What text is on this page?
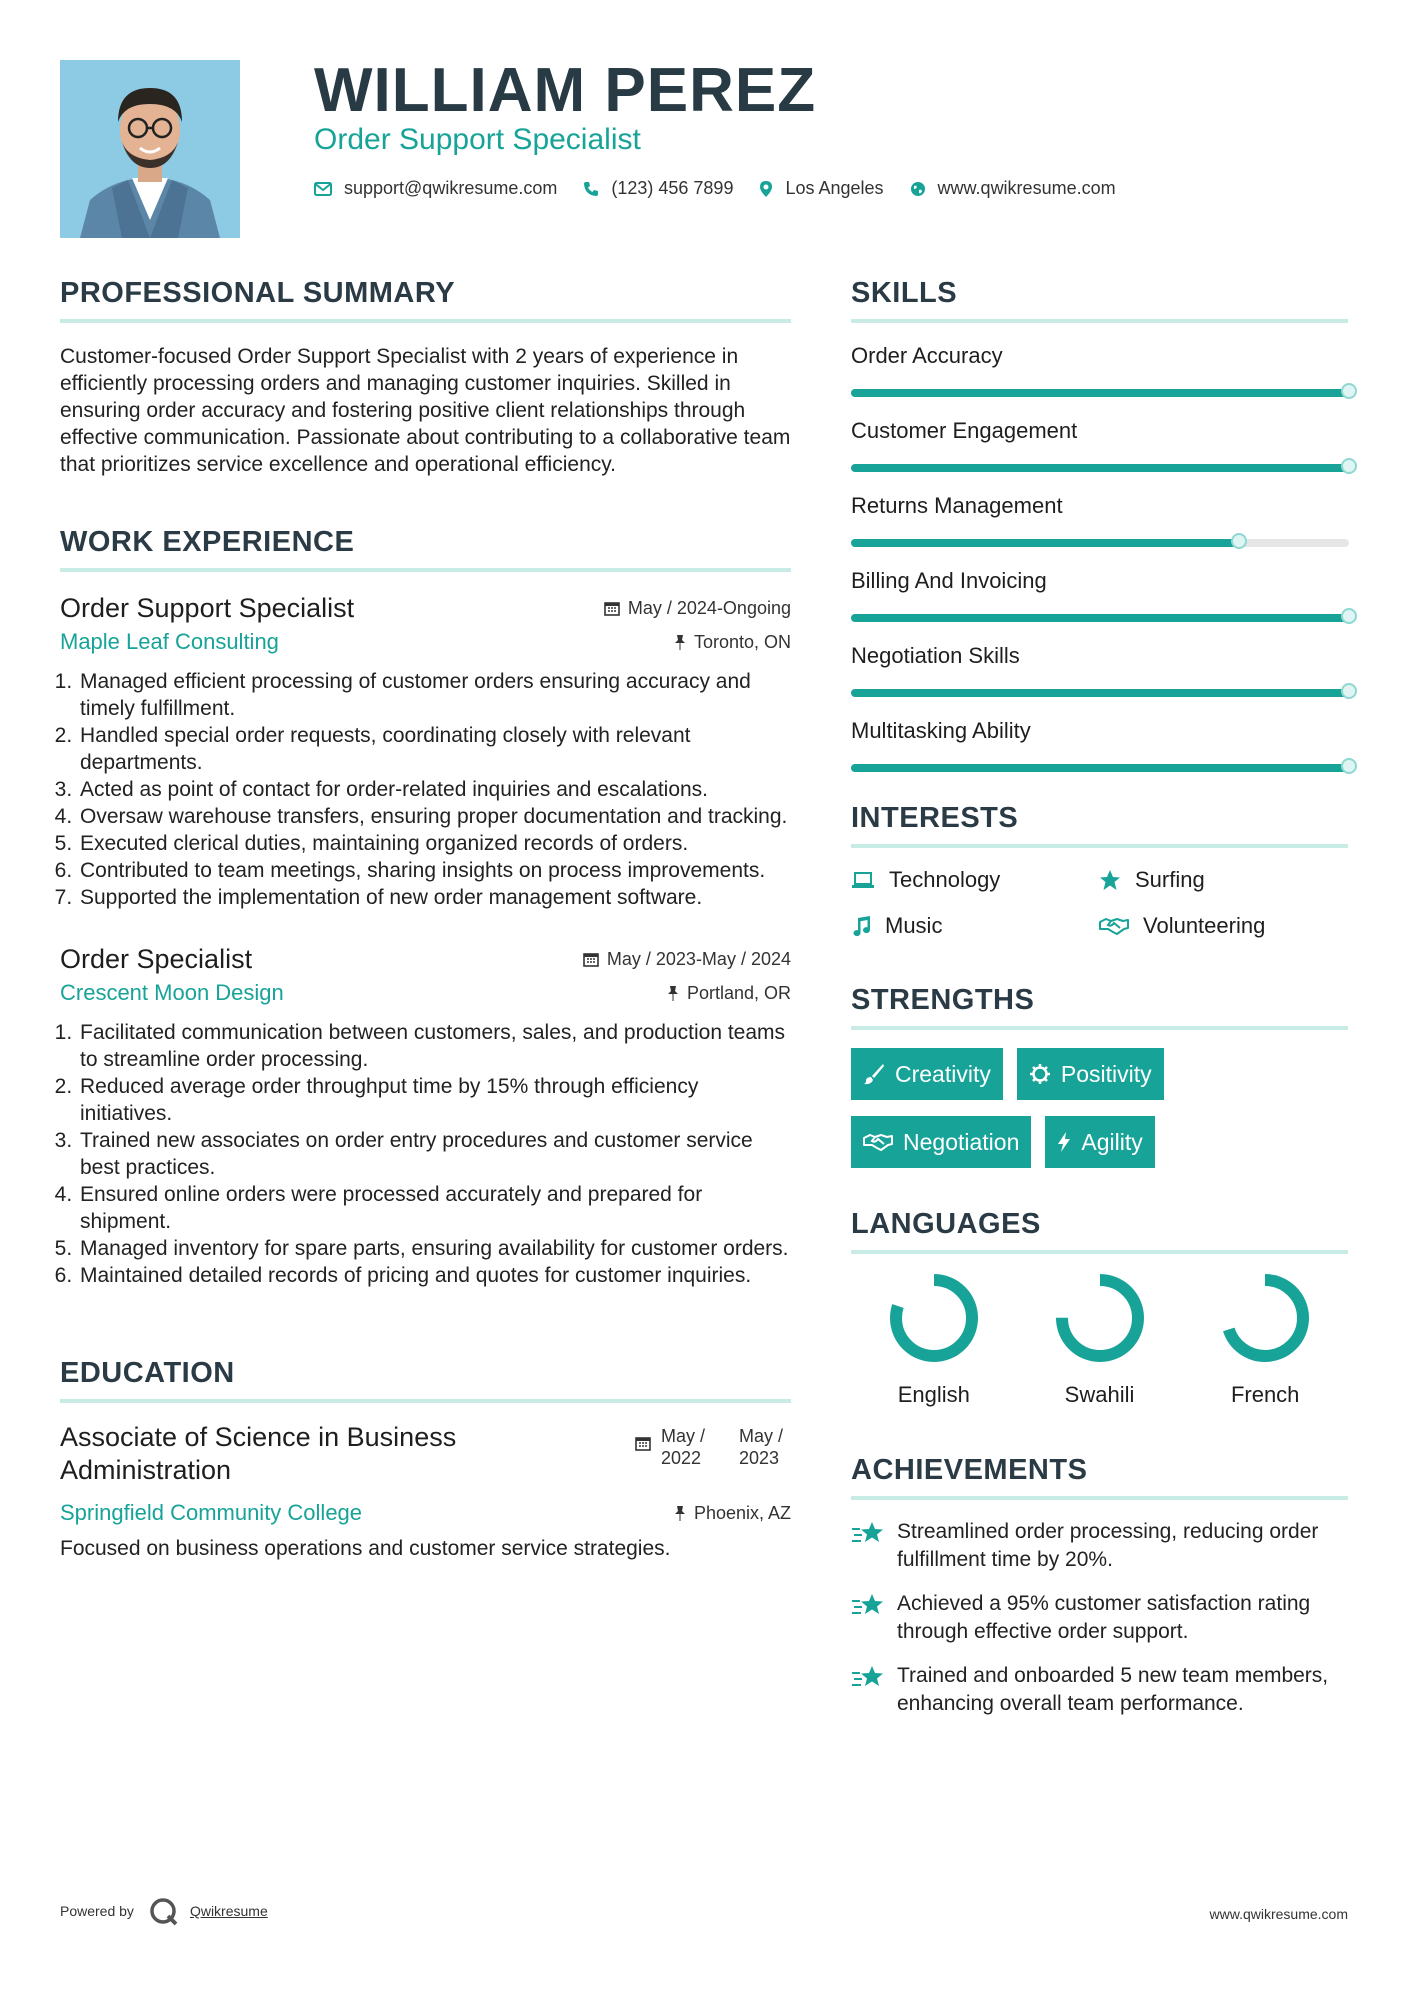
WILLIAM PEREZ
Order Support Specialist
support@qwikresume.com	(123) 456 7899	Los Angeles	www.qwikresume.com
PROFESSIONAL SUMMARY

Customer-focused Order Support Specialist with 2 years of experience in efficiently processing orders and managing customer inquiries. Skilled in ensuring order accuracy and fostering positive client relationships through effective communication. Passionate about contributing to a collaborative team that prioritizes service excellence and operational efficiency.

WORK EXPERIENCE
Order Support Specialist	May / 2024-Ongoing
Maple Leaf Consulting	Toronto, ON
1. Managed efficient processing of customer orders ensuring accuracy and timely fulfillment.
2. Handled special order requests, coordinating closely with relevant departments.
3. Acted as point of contact for order-related inquiries and escalations.
4. Oversaw warehouse transfers, ensuring proper documentation and tracking.
5. Executed clerical duties, maintaining organized records of orders.
6. Contributed to team meetings, sharing insights on process improvements.
7. Supported the implementation of new order management software.
Order Specialist	May / 2023-May / 2024
Crescent Moon Design	Portland, OR
1. Facilitated communication between customers, sales, and production teams to streamline order processing.
2. Reduced average order throughput time by 15% through efficiency initiatives.
3. Trained new associates on order entry procedures and customer service best practices.
4. Ensured online orders were processed accurately and prepared for shipment.
5. Managed inventory for spare parts, ensuring availability for customer orders.
6. Maintained detailed records of pricing and quotes for customer inquiries.
EDUCATION
Associate of Science in Business Administration
May / 2022
May / 2023
Springfield Community College	Phoenix, AZ

Focused on business operations and customer service strategies.

SKILLS
Order Accuracy
Customer Engagement
Returns Management
Billing And Invoicing
Negotiation Skills
Multitasking Ability
INTERESTS
Technology	Surfing
Music	Volunteering
STRENGTHS
Creativity	Positivity
Negotiation	Agility
LANGUAGES
English	Swahili	French
ACHIEVEMENTS
Streamlined order processing, reducing order fulfillment time by 20%.
Achieved a 95% customer satisfaction rating through effective order support.
Trained and onboarded 5 new team members, enhancing overall team performance.
Powered by	Qwikresume	www.qwikresume.com
